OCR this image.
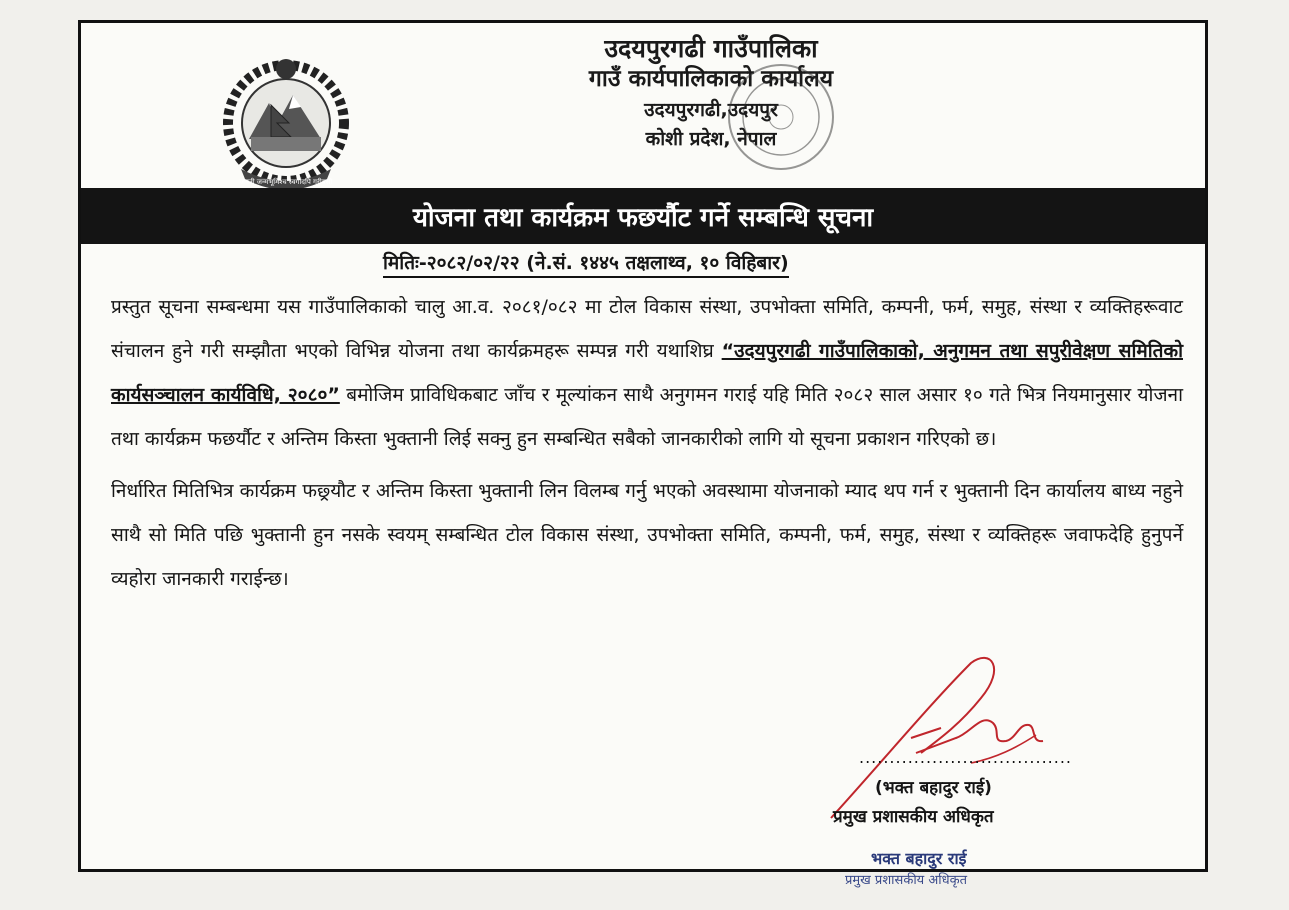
जननी जन्मभूमिश्च स्वर्गादपि गरीयसी
उदयपुरगढी गाउँपालिका
गाउँ कार्यपालिकाको कार्यालय
उदयपुरगढी,उदयपुर
कोशी प्रदेश, नेपाल
योजना तथा कार्यक्रम फछर्यौट गर्ने सम्बन्धि सूचना
मितिः-२०८२/०२/२२ (ने.सं. १४४५ तक्षलाथ्व, १० विहिबार)

प्रस्तुत सूचना सम्बन्धमा यस गाउँपालिकाको चालु आ.व. २०८१/०८२ मा टोल विकास संस्था, उपभोक्ता समिति, कम्पनी, फर्म, समुह, संस्था र व्यक्तिहरूवाट संचालन हुने गरी सम्झौता भएको विभिन्न योजना तथा कार्यक्रमहरू सम्पन्न गरी यथाशिघ्र “उदयपुरगढी गाउँपालिकाको, अनुगमन तथा सपुरीवेक्षण समितिको कार्यसञ्चालन कार्यविधि, २०८०” बमोजिम प्राविधिकबाट जाँच र मूल्यांकन साथै अनुगमन गराई यहि मिति २०८२ साल असार १० गते भित्र नियमानुसार योजना तथा कार्यक्रम फछर्यौट र अन्तिम किस्ता भुक्तानी लिई सक्नु हुन सम्बन्धित सबैको जानकारीको लागि यो सूचना प्रकाशन गरिएको छ।

निर्धारित मितिभित्र कार्यक्रम फछ्र्यौट र अन्तिम किस्ता भुक्तानी लिन विलम्ब गर्नु भएको अवस्थामा योजनाको म्याद थप गर्न र भुक्तानी दिन कार्यालय बाध्य नहुने साथै सो मिति पछि भुक्तानी हुन नसके स्वयम् सम्बन्धित टोल विकास संस्था, उपभोक्ता समिति, कम्पनी, फर्म, समुह, संस्था र व्यक्तिहरू जवाफदेहि हुनुपर्ने व्यहोरा जानकारी गराईन्छ।

...................................
(भक्त बहादुर राई)
प्रमुख प्रशासकीय अधिकृत
भक्त बहादुर राई
प्रमुख प्रशासकीय अधिकृत
